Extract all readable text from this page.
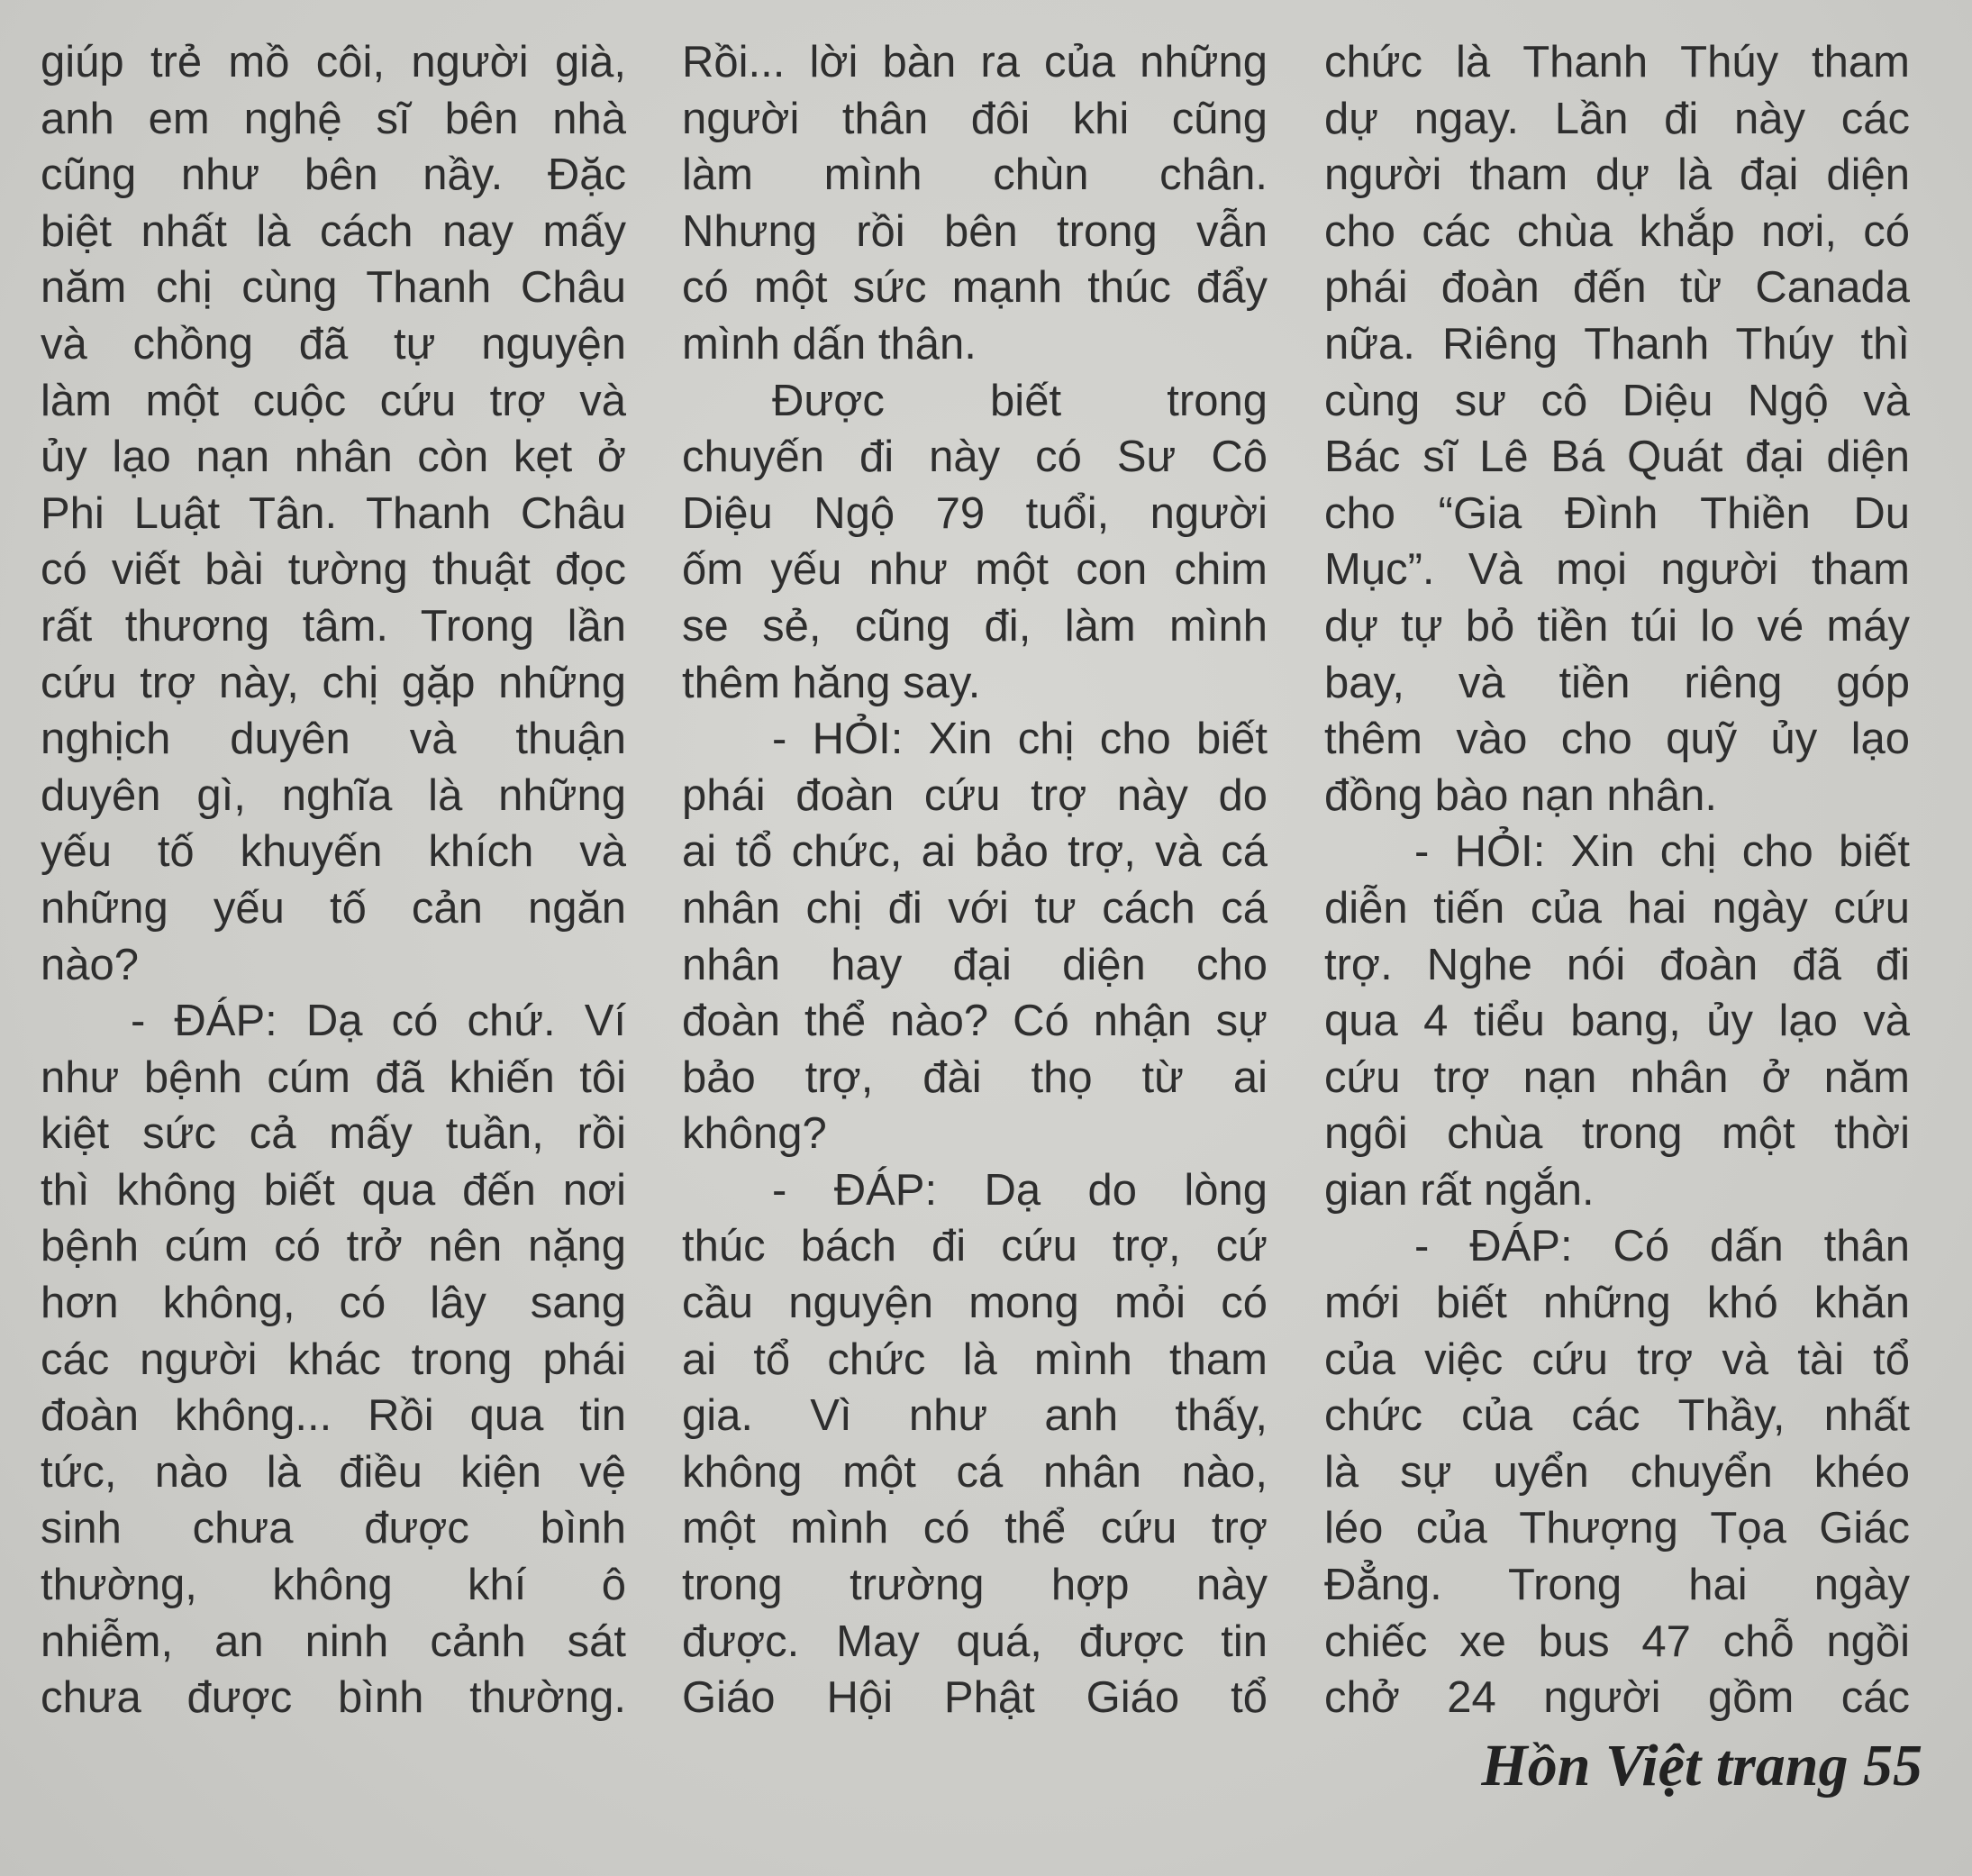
giúp trẻ mồ côi, người già,
anh em nghệ sĩ bên nhà
cũng như bên nầy. Đặc
biệt nhất là cách nay mấy
năm chị cùng Thanh Châu
và chồng đã tự nguyện
làm một cuộc cứu trợ và
ủy lạo nạn nhân còn kẹt ở
Phi Luật Tân. Thanh Châu
có viết bài tường thuật đọc
rất thương tâm. Trong lần
cứu trợ này, chị gặp những
nghịch duyên và thuận
duyên gì, nghĩa là những
yếu tố khuyến khích và
những yếu tố cản ngăn
nào?
- ĐÁP: Dạ có chứ. Ví
như bệnh cúm đã khiến tôi
kiệt sức cả mấy tuần, rồi
thì không biết qua đến nơi
bệnh cúm có trở nên nặng
hơn không, có lây sang
các người khác trong phái
đoàn không... Rồi qua tin
tức, nào là điều kiện vệ
sinh chưa được bình
thường, không khí ô
nhiễm, an ninh cảnh sát
chưa được bình thường.
Rồi... lời bàn ra của những
người thân đôi khi cũng
làm mình chùn chân.
Nhưng rồi bên trong vẫn
có một sức mạnh thúc đẩy
mình dấn thân.
Được biết trong
chuyến đi này có Sư Cô
Diệu Ngộ 79 tuổi, người
ốm yếu như một con chim
se sẻ, cũng đi, làm mình
thêm hăng say.
- HỎI: Xin chị cho biết
phái đoàn cứu trợ này do
ai tổ chức, ai bảo trợ, và cá
nhân chị đi với tư cách cá
nhân hay đại diện cho
đoàn thể nào? Có nhận sự
bảo trợ, đài thọ từ ai
không?
- ĐÁP: Dạ do lòng
thúc bách đi cứu trợ, cứ
cầu nguyện mong mỏi có
ai tổ chức là mình tham
gia. Vì như anh thấy,
không một cá nhân nào,
một mình có thể cứu trợ
trong trường hợp này
được. May quá, được tin
Giáo Hội Phật Giáo tổ
chức là Thanh Thúy tham
dự ngay. Lần đi này các
người tham dự là đại diện
cho các chùa khắp nơi, có
phái đoàn đến từ Canada
nữa. Riêng Thanh Thúy thì
cùng sư cô Diệu Ngộ và
Bác sĩ Lê Bá Quát đại diện
cho “Gia Đình Thiền Du
Mục”. Và mọi người tham
dự tự bỏ tiền túi lo vé máy
bay, và tiền riêng góp
thêm vào cho quỹ ủy lạo
đồng bào nạn nhân.
- HỎI: Xin chị cho biết
diễn tiến của hai ngày cứu
trợ. Nghe nói đoàn đã đi
qua 4 tiểu bang, ủy lạo và
cứu trợ nạn nhân ở năm
ngôi chùa trong một thời
gian rất ngắn.
- ĐÁP: Có dấn thân
mới biết những khó khăn
của việc cứu trợ và tài tổ
chức của các Thầy, nhất
là sự uyển chuyển khéo
léo của Thượng Tọa Giác
Đẳng. Trong hai ngày
chiếc xe bus 47 chỗ ngồi
chở 24 người gồm các
Hồn Việt trang 55
